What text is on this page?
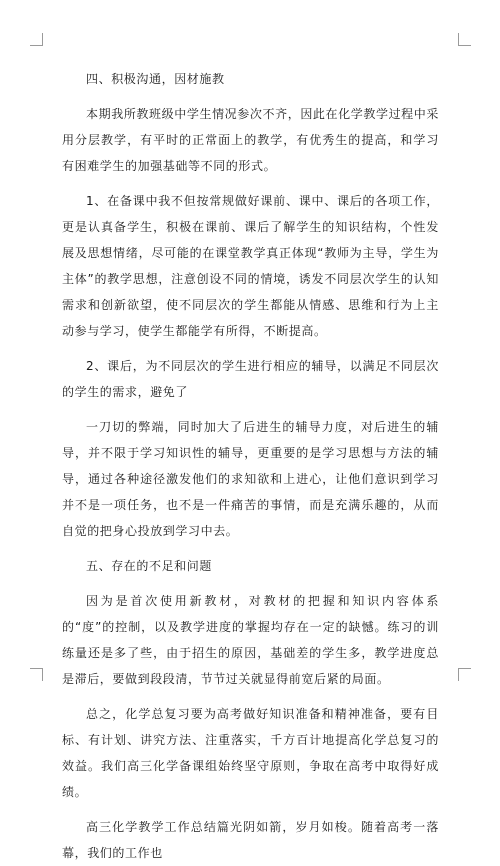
四、积极沟通，因材施教

本期我所教班级中学生情况参次不齐，因此在化学教学过程中采用分层教学，有平时的正常面上的教学，有优秀生的提高，和学习有困难学生的加强基础等不同的形式。

1、在备课中我不但按常规做好课前、课中、课后的各项工作，更是认真备学生，积极在课前、课后了解学生的知识结构，个性发展及思想情绪，尽可能的在课堂教学真正体现“教师为主导，学生为主体”的教学思想，注意创设不同的情境，诱发不同层次学生的认知需求和创新欲望，使不同层次的学生都能从情感、思维和行为上主动参与学习，使学生都能学有所得，不断提高。

2、课后，为不同层次的学生进行相应的辅导，以满足不同层次的学生的需求，避免了

一刀切的弊端，同时加大了后进生的辅导力度，对后进生的辅导，并不限于学习知识性的辅导，更重要的是学习思想与方法的辅导，通过各种途径激发他们的求知欲和上进心，让他们意识到学习并不是一项任务，也不是一件痛苦的事情，而是充满乐趣的，从而自觉的把身心投放到学习中去。

五、存在的不足和问题

因为是首次使用新教材，对教材的把握和知识内容体系的“度”的控制，以及教学进度的掌握均存在一定的缺憾。练习的训练量还是多了些，由于招生的原因，基础差的学生多，教学进度总是滞后，要做到段段清，节节过关就显得前宽后紧的局面。

总之，化学总复习要为高考做好知识准备和精神准备，要有目标、有计划、讲究方法、注重落实，千方百计地提高化学总复习的效益。我们高三化学备课组始终坚守原则，争取在高考中取得好成绩。

高三化学教学工作总结篇光阴如箭，岁月如梭。随着高考一落幕，我们的工作也
